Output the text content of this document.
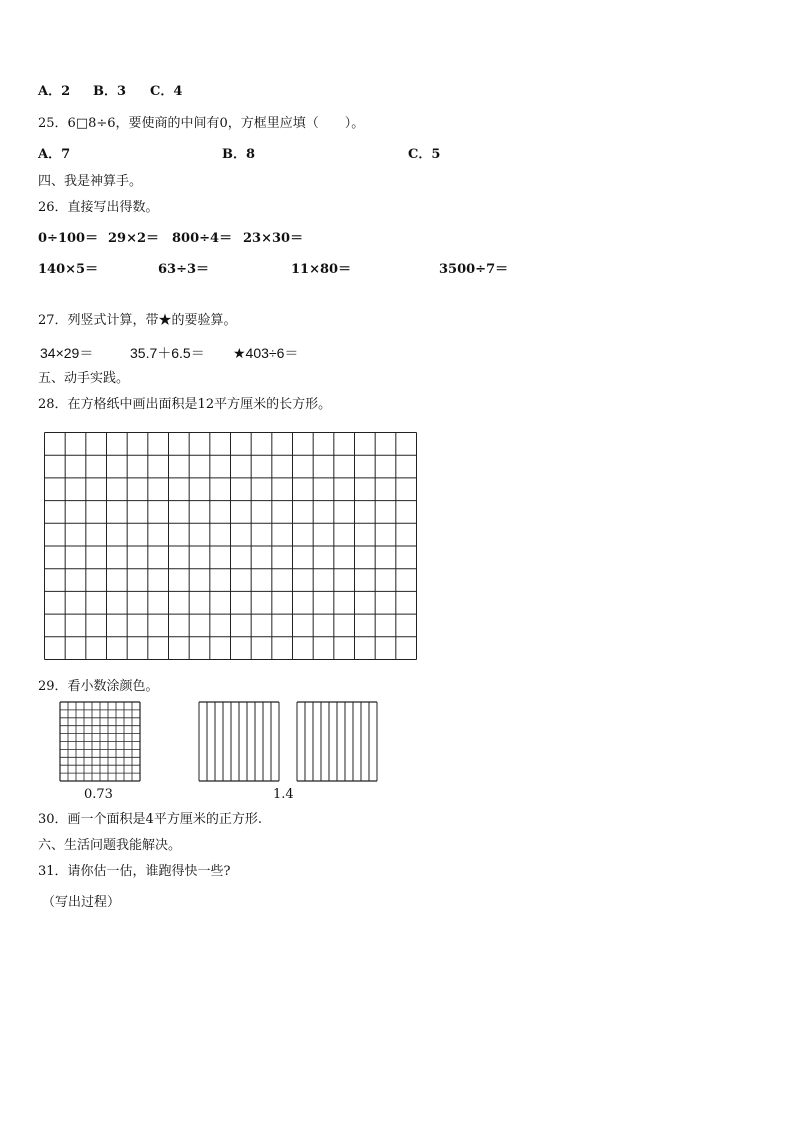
A．2 B．3 C．4
25．6□8÷6，要使商的中间有0，方框里应填（　　）。
A．7	B．8	C．5
四、我是神算手。
26．直接写出得数。
0÷100＝ 29×2＝ 800÷4＝ 23×30＝
140×5＝	63÷3＝	11×80＝	3500÷7＝
27．列竖式计算，带★的要验算。
34×29＝	35.7＋6.5＝ ★403÷6＝
五、动手实践。
28．在方格纸中画出面积是12平方厘米的长方形。
29．看小数涂颜色。
0.73	1.4
30．画一个面积是4平方厘米的正方形.
六、生活问题我能解决。
31．请你估一估，谁跑得快一些?
（写出过程）
